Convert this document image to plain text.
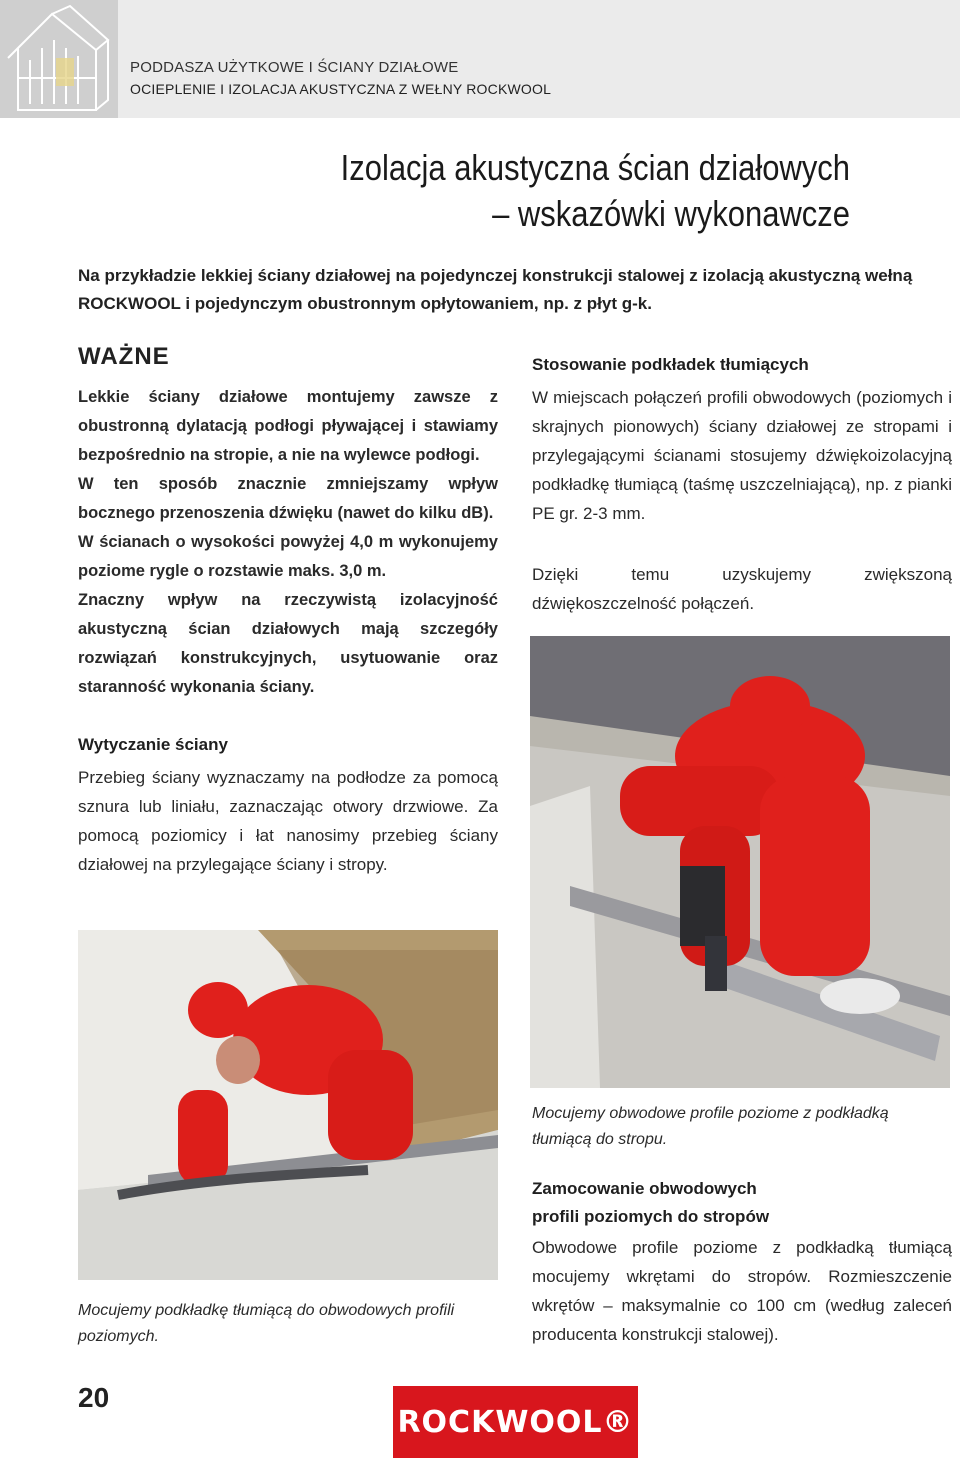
PODDASZA UŻYTKOWE I ŚCIANY DZIAŁOWE
OCIEPLENIE I IZOLACJA AKUSTYCZNA Z WEŁNY ROCKWOOL
Izolacja akustyczna ścian działowych
– wskazówki wykonawcze
Na przykładzie lekkiej ściany działowej na pojedynczej konstrukcji stalowej z izolacją akustyczną wełną ROCKWOOL i pojedynczym obustronnym opłytowaniem, np. z płyt g-k.
WAŻNE
Lekkie ściany działowe montujemy zawsze z obustronną dylatacją podłogi pływającej i stawiamy bezpośrednio na stropie, a nie na wylewce podłogi.
W ten sposób znacznie zmniejszamy wpływ bocznego przenoszenia dźwięku (nawet do kilku dB).
W ścianach o wysokości powyżej 4,0 m wykonujemy poziome rygle o rozstawie maks. 3,0 m.
Znaczny wpływ na rzeczywistą izolacyjność akustyczną ścian działowych mają szczegóły rozwiązań konstrukcyjnych, usytuowanie oraz staranność wykonania ściany.
Wytyczanie ściany
Przebieg ściany wyznaczamy na podłodze za pomocą sznura lub liniału, zaznaczając otwory drzwiowe. Za pomocą poziomicy i łat nanosimy przebieg ściany działowej na przylegające ściany i stropy.
Stosowanie podkładek tłumiących
W miejscach połączeń profili obwodowych (poziomych i skrajnych pionowych) ściany działowej ze stropami i przylegającymi ścianami stosujemy dźwiękoizolacyjną podkładkę tłumiącą (taśmę uszczelniającą), np. z pianki PE gr. 2-3 mm.
Dzięki temu uzyskujemy zwiększoną dźwiękoszczelność połączeń.
Mocujemy obwodowe profile poziome z podkładką tłumiącą do stropu.
Zamocowanie obwodowych
profili poziomych do stropów
Obwodowe profile poziome z podkładką tłumiącą mocujemy wkrętami do stropów. Rozmieszczenie wkrętów – maksymalnie co 100 cm (według zaleceń producenta konstrukcji stalowej).
Mocujemy podkładkę tłumiącą do obwodowych profili poziomych.
20
ROCKWOOL®
